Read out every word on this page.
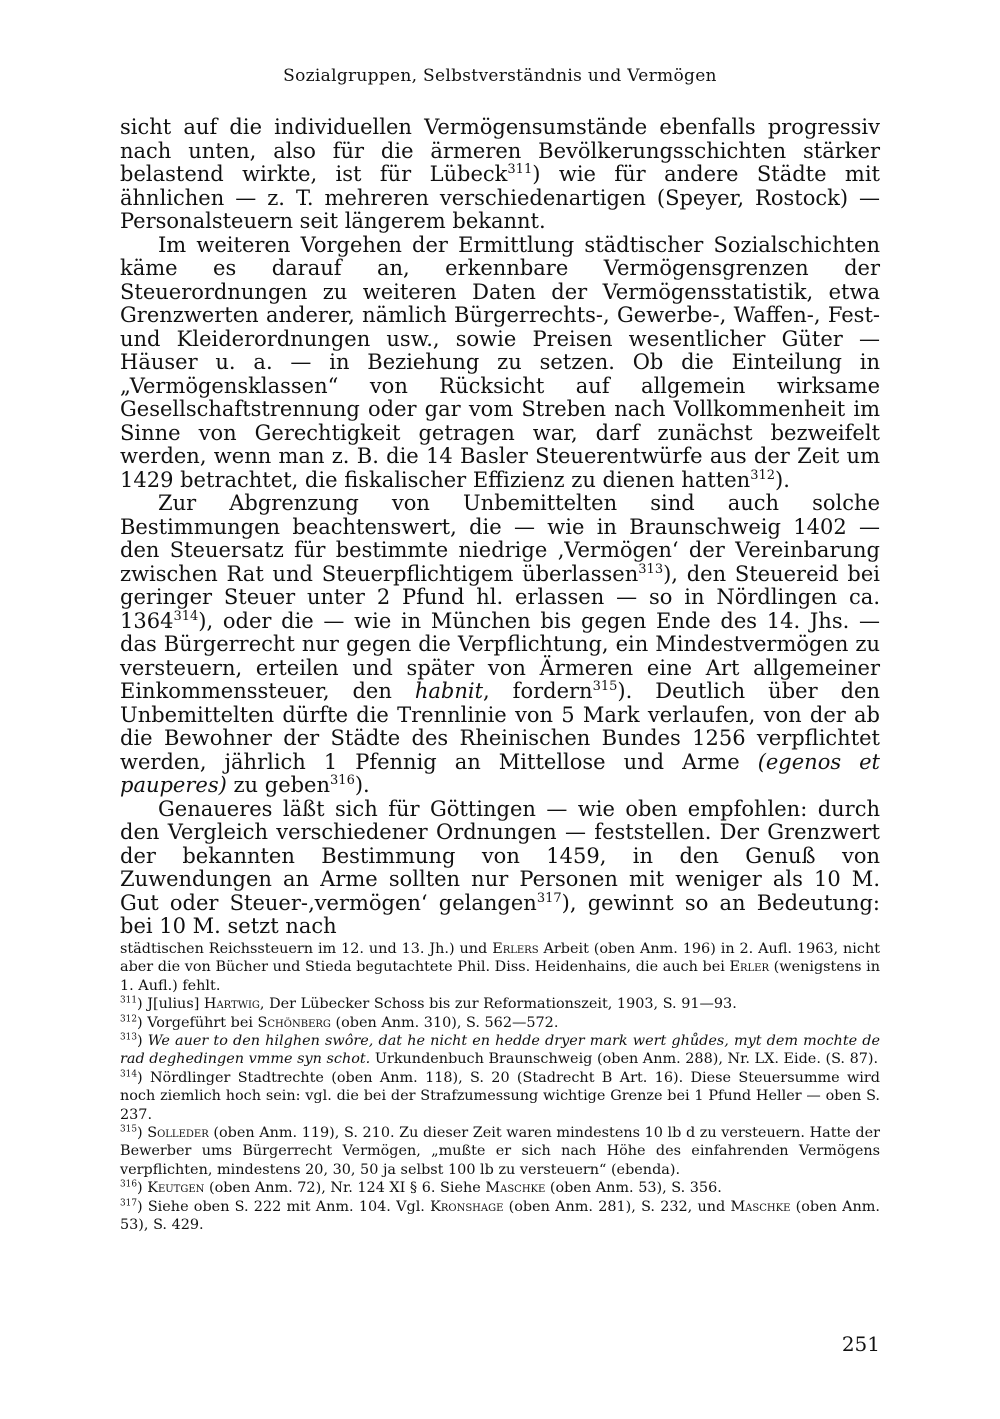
Sozialgruppen, Selbstverständnis und Vermögen

sicht auf die individuellen Vermögensumstände ebenfalls progressiv nach unten, also für die ärmeren Bevölkerungsschichten stärker belastend wirkte, ist für Lübeck$^{311}$) wie für andere Städte mit ähnlichen — z. T. mehreren verschiedenartigen (Speyer, Rostock) — Personalsteuern seit längerem bekannt.

Im weiteren Vorgehen der Ermittlung städtischer Sozialschichten käme es darauf an, erkennbare Vermögensgrenzen der Steuerordnungen zu weiteren Daten der Vermögensstatistik, etwa Grenzwerten anderer, nämlich Bürgerrechts-, Gewerbe-, Waffen-, Fest- und Kleiderordnungen usw., sowie Preisen wesentlicher Güter — Häuser u. a. — in Beziehung zu setzen. Ob die Einteilung in „Vermögensklassen“ von Rücksicht auf allgemein wirksame Gesellschaftstrennung oder gar vom Streben nach Vollkommenheit im Sinne von Gerechtigkeit getragen war, darf zunächst bezweifelt werden, wenn man z. B. die 14 Basler Steuerentwürfe aus der Zeit um 1429 betrachtet, die fiskalischer Effizienz zu dienen hatten$^{312}$).

Zur Abgrenzung von Unbemittelten sind auch solche Bestimmungen beachtenswert, die — wie in Braunschweig 1402 — den Steuersatz für bestimmte niedrige ‚Vermögen‘ der Vereinbarung zwischen Rat und Steuerpflichtigem überlassen$^{313}$), den Steuereid bei geringer Steuer unter 2 Pfund hl. erlassen — so in Nördlingen ca. 1364$^{314}$), oder die — wie in München bis gegen Ende des 14. Jhs. — das Bürgerrecht nur gegen die Verpflichtung, ein Mindestvermögen zu versteuern, erteilen und später von Ärmeren eine Art allgemeiner Einkommenssteuer, den habnit, fordern$^{315}$). Deutlich über den Unbemittelten dürfte die Trennlinie von 5 Mark verlaufen, von der ab die Bewohner der Städte des Rheinischen Bundes 1256 verpflichtet werden, jährlich 1 Pfennig an Mittellose und Arme (egenos et pauperes) zu geben$^{316}$).

Genaueres läßt sich für Göttingen — wie oben empfohlen: durch den Vergleich verschiedener Ordnungen — feststellen. Der Grenzwert der bekannten Bestimmung von 1459, in den Genuß von Zuwendungen an Arme sollten nur Personen mit weniger als 10 M. Gut oder Steuer-‚vermögen‘ gelangen$^{317}$), gewinnt so an Bedeutung: bei 10 M. setzt nach

städtischen Reichssteuern im 12. und 13. Jh.) und Erlers Arbeit (oben Anm. 196) in 2. Aufl. 1963, nicht aber die von Bücher und Stieda begutachtete Phil. Diss. Heidenhains, die auch bei Erler (wenigstens in 1. Aufl.) fehlt.

$^{311}$) J[ulius] Hartwig, Der Lübecker Schoss bis zur Reformationszeit, 1903, S. 91—93.

$^{312}$) Vorgeführt bei Schönberg (oben Anm. 310), S. 562—572.

$^{313}$) We auer to den hilghen swôre, dat he nicht en hedde dryer mark wert ghůdes, myt dem mochte de rad deghedingen vmme syn schot. Urkundenbuch Braunschweig (oben Anm. 288), Nr. LX. Eide. (S. 87).

$^{314}$) Nördlinger Stadtrechte (oben Anm. 118), S. 20 (Stadrecht B Art. 16). Diese Steuersumme wird noch ziemlich hoch sein: vgl. die bei der Strafzumessung wichtige Grenze bei 1 Pfund Heller — oben S. 237.

$^{315}$) Solleder (oben Anm. 119), S. 210. Zu dieser Zeit waren mindestens 10 lb d zu versteuern. Hatte der Bewerber ums Bürgerrecht Vermögen, „mußte er sich nach Höhe des einfahrenden Vermögens verpflichten, mindestens 20, 30, 50 ja selbst 100 lb zu versteuern“ (ebenda).

$^{316}$) Keutgen (oben Anm. 72), Nr. 124 XI § 6. Siehe Maschke (oben Anm. 53), S. 356.

$^{317}$) Siehe oben S. 222 mit Anm. 104. Vgl. Kronshage (oben Anm. 281), S. 232, und Maschke (oben Anm. 53), S. 429.

251
